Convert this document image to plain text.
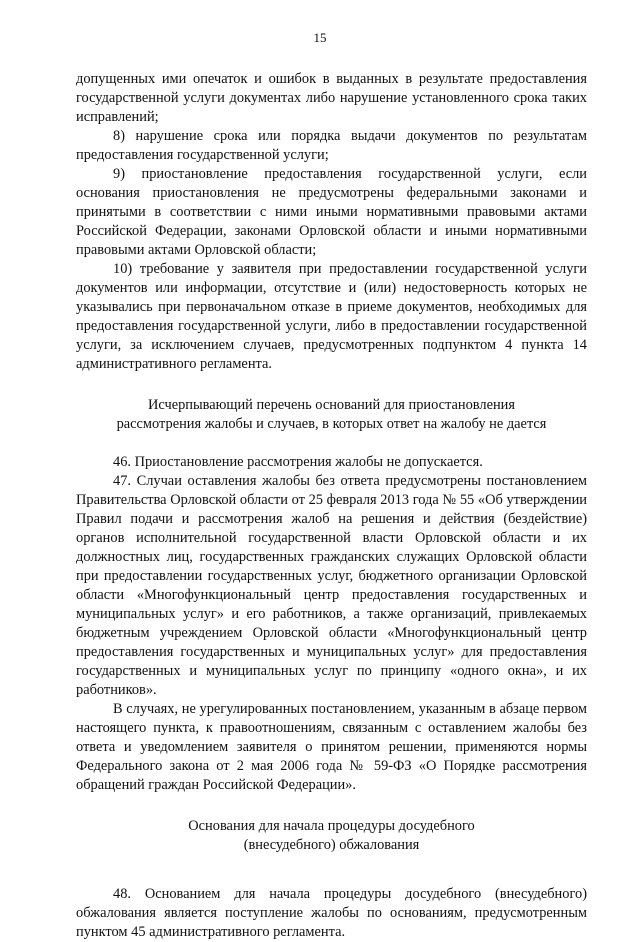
15

допущенных ими опечаток и ошибок в выданных в результате предоставления государственной услуги документах либо нарушение установленного срока таких исправлений;

8) нарушение срока или порядка выдачи документов по результатам предоставления государственной услуги;

9) приостановление предоставления государственной услуги, если основания приостановления не предусмотрены федеральными законами и принятыми в соответствии с ними иными нормативными правовыми актами Российской Федерации, законами Орловской области и иными нормативными правовыми актами Орловской области;

10) требование у заявителя при предоставлении государственной услуги документов или информации, отсутствие и (или) недостоверность которых не указывались при первоначальном отказе в приеме документов, необходимых для предоставления государственной услуги, либо в предоставлении государственной услуги, за исключением случаев, предусмотренных подпунктом 4 пункта 14 административного регламента.

Исчерпывающий перечень оснований для приостановления

рассмотрения жалобы и случаев, в которых ответ на жалобу не дается

46. Приостановление рассмотрения жалобы не допускается.

47. Случаи оставления жалобы без ответа предусмотрены постановлением Правительства Орловской области от 25 февраля 2013 года № 55 «Об утверждении Правил подачи и рассмотрения жалоб на решения и действия (бездействие) органов исполнительной государственной власти Орловской области и их должностных лиц, государственных гражданских служащих Орловской области при предоставлении государственных услуг, бюджетного организации Орловской области «Многофункциональный центр предоставления государственных и муниципальных услуг» и его работников, а также организаций, привлекаемых бюджетным учреждением Орловской области «Многофункциональный центр предоставления государственных и муниципальных услуг» для предоставления государственных и муниципальных услуг по принципу «одного окна», и их работников».

В случаях, не урегулированных постановлением, указанным в абзаце первом настоящего пункта, к правоотношениям, связанным с оставлением жалобы без ответа и уведомлением заявителя о принятом решении, применяются нормы Федерального закона от 2 мая 2006 года № 59-ФЗ «О Порядке рассмотрения обращений граждан Российской Федерации».

Основания для начала процедуры досудебного

(внесудебного) обжалования

48. Основанием для начала процедуры досудебного (внесудебного) обжалования является поступление жалобы по основаниям, предусмотренным пунктом 45 административного регламента.
